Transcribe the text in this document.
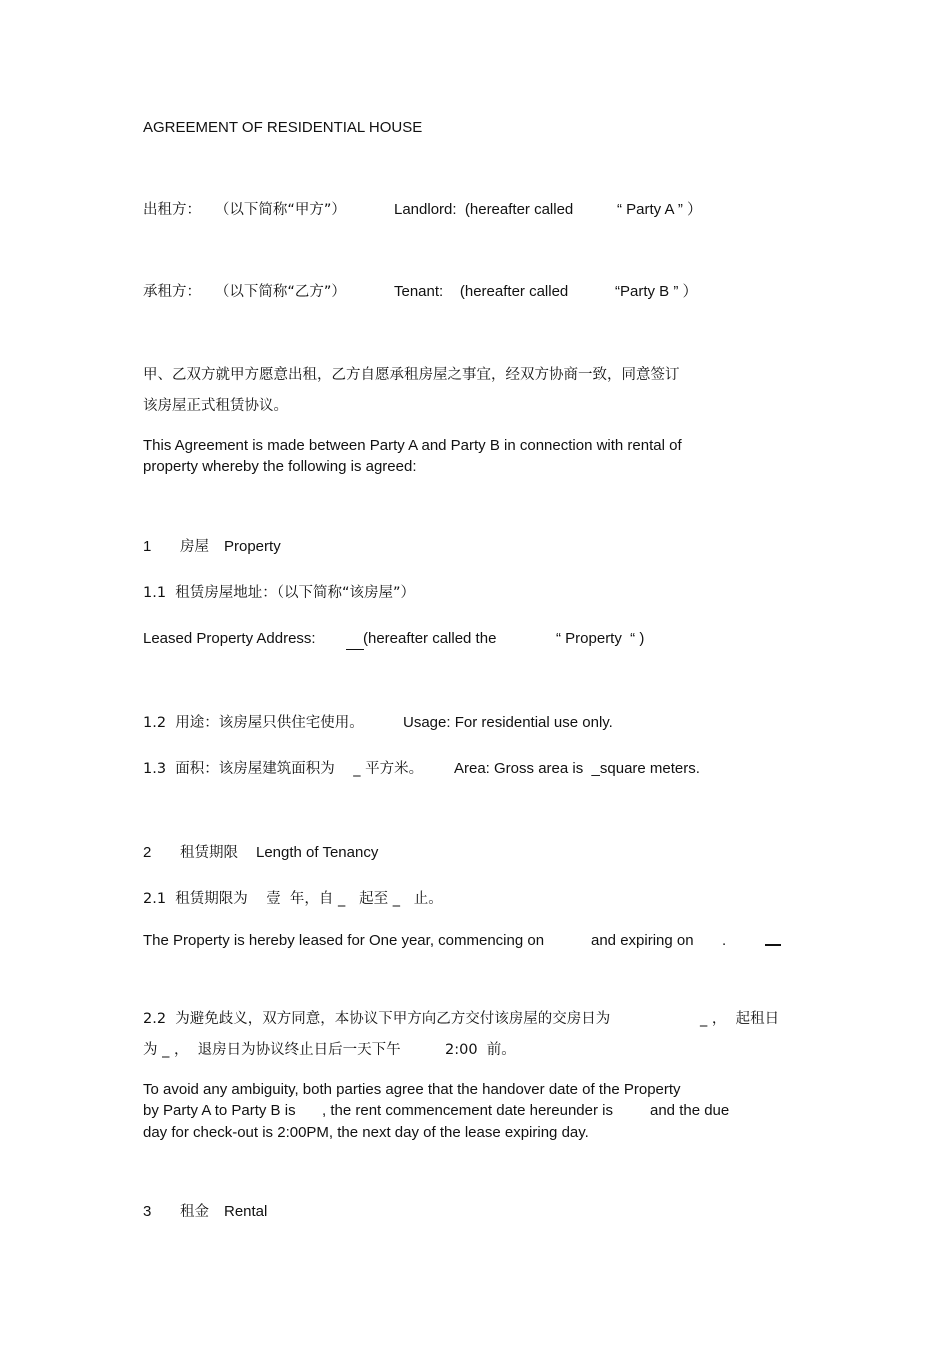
AGREEMENT OF RESIDENTIAL HOUSE
出租方：   （以下简称“甲方”）	Landlord:  (hereafter called	“ Party A ” ）
承租方：   （以下简称“乙方”）	Tenant:    (hereafter called	“Party B ” ）
甲、乙双方就甲方愿意出租，乙方自愿承租房屋之事宜，经双方协商一致，同意签订
该房屋正式租赁协议。
This Agreement is made between Party A and Party B in connection with rental of
property whereby the following is agreed:
1 房屋 Property
1.1  租赁房屋地址：（以下简称“该房屋”）
Leased Property Address:
	(hereafter called the	“ Property  “ )
1.2  用途：该房屋只供住宅使用。	Usage: For residential use only.
1.3  面积：该房屋建筑面积为    _ 平方米。 Area: Gross area is  _square meters.
2 租赁期限 Length of Tenancy
2.1  租赁期限为    壹  年，自 _   起至 _   止。
The Property is hereby leased for One year, commencing on	and expiring on .
2.2  为避免歧义，双方同意，本协议下甲方向乙方交付该房屋的交房日为	_ ，  起租日
为 _ ，  退房日为协议终止日后一天下午	2:00  前。
To avoid any ambiguity, both parties agree that the handover date of the Property
by Party A to Party B is , the rent commencement date hereunder is and the due
day for check-out is 2:00PM, the next day of the lease expiring day.
3 租金 Rental
